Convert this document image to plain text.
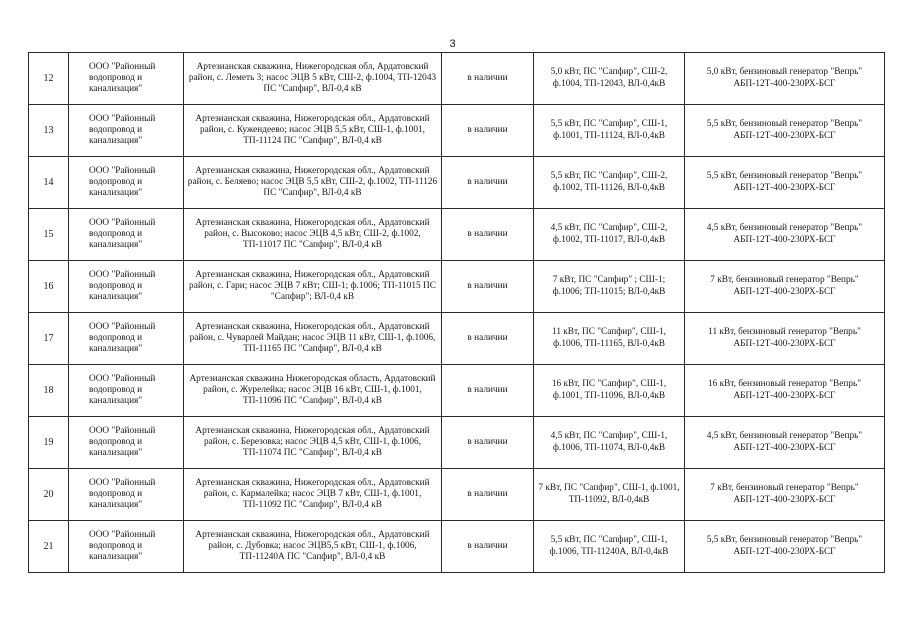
3
12	ООО "Районный водопровод и канализация"	Артезианская скважина, Нижегородская обл, Ардатовский район, с. Леметь 3; насос ЭЦВ 5 кВт, СШ-2, ф.1004, ТП-12043 ПС "Сапфир", ВЛ-0,4 кВ	в наличии	5,0 кВт, ПС "Сапфир", СШ-2, ф.1004, ТП-12043, ВЛ-0,4кВ	5,0 кВт, бензиновый генератор "Вепрь" АБП-12Т-400-230РХ-БСГ
13	ООО "Районный водопровод и канализация"	Артезианская скважина, Нижегородская обл., Ардатовский район, с. Кужендеево; насос ЭЦВ 5,5 кВт, СШ-1, ф.1001, ТП-11124 ПС "Сапфир", ВЛ-0,4 кВ	в наличии	5,5 кВт, ПС "Сапфир", СШ-1, ф.1001, ТП-11124, ВЛ-0,4кВ	5,5 кВт, бензиновый генератор "Вепрь" АБП-12Т-400-230РХ-БСГ
14	ООО "Районный водопровод и канализация"	Артезианская скважина, Нижегородская обл., Ардатовский район, с. Беляево; насос ЭЦВ 5,5 кВт, СШ-2, ф.1002, ТП-11126 ПС "Сапфир", ВЛ-0,4 кВ	в наличии	5,5 кВт, ПС "Сапфир", СШ-2, ф.1002, ТП-11126, ВЛ-0,4кВ	5,5 кВт, бензиновый генератор "Вепрь" АБП-12Т-400-230РХ-БСГ
15	ООО "Районный водопровод и канализация"	Артезианская скважина, Нижегородская обл., Ардатовский район, с. Высоково; насос ЭЦВ 4,5 кВт, СШ-2, ф.1002, ТП-11017 ПС "Сапфир", ВЛ-0,4 кВ	в наличии	4,5 кВт, ПС "Сапфир", СШ-2, ф.1002, ТП-11017, ВЛ-0,4кВ	4,5 кВт, бензиновый генератор "Вепрь" АБП-12Т-400-230РХ-БСГ
16	ООО "Районный водопровод и канализация"	Артезианская скважина, Нижегородская обл., Ардатовский район, с. Гари; насос ЭЦВ 7 кВт; СШ-1; ф.1006; ТП-11015 ПС "Сапфир"; ВЛ-0,4 кВ	в наличии	7 кВт, ПС "Сапфир" ; СШ-1; ф.1006; ТП-11015; ВЛ-0,4кВ	7 кВт, бензиновый генератор "Вепрь" АБП-12Т-400-230РХ-БСГ
17	ООО "Районный водопровод и канализация"	Артезианская скважина, Нижегородская обл., Ардатовский район, с. Чуварлей Майдан; насос ЭЦВ 11 кВт, СШ-1, ф.1006, ТП-11165 ПС "Сапфир", ВЛ-0,4 кВ	в наличии	11 кВт, ПС "Сапфир", СШ-1, ф.1006, ТП-11165, ВЛ-0,4кВ	11 кВт, бензиновый генератор "Вепрь" АБП-12Т-400-230РХ-БСГ
18	ООО "Районный водопровод и канализация"	Артезианская скважина Нижегородская область, Ардатовский район, с. Журелейка; насос ЭЦВ 16 кВт, СШ-1, ф.1001, ТП-11096 ПС "Сапфир", ВЛ-0,4 кВ	в наличии	16 кВт, ПС "Сапфир", СШ-1, ф.1001, ТП-11096, ВЛ-0,4кВ	16 кВт, бензиновый генератор "Вепрь" АБП-12Т-400-230РХ-БСГ
19	ООО "Районный водопровод и канализация"	Артезианская скважина, Нижегородская обл., Ардатовский район, с. Березовка; насос ЭЦВ 4,5 кВт, СШ-1, ф.1006, ТП-11074 ПС "Сапфир", ВЛ-0,4 кВ	в наличии	4,5 кВт, ПС "Сапфир", СШ-1, ф.1006, ТП-11074, ВЛ-0,4кВ	4,5 кВт, бензиновый генератор "Вепрь" АБП-12Т-400-230РХ-БСГ
20	ООО "Районный водопровод и канализация"	Артезианская скважина, Нижегородская обл., Ардатовский район, с. Кармалейка; насос ЭЦВ 7 кВт, СШ-1, ф.1001, ТП-11092 ПС "Сапфир", ВЛ-0,4 кВ	в наличии	7 кВт, ПС "Сапфир", СШ-1, ф.1001, ТП-11092, ВЛ-0,4кВ	7 кВт, бензиновый генератор "Вепрь" АБП-12Т-400-230РХ-БСГ
21	ООО "Районный водопровод и канализация"	Артезианская скважина, Нижегородская обл., Ардатовский район, с. Дубовка; насос ЭЦВ5,5 кВт, СШ-1, ф.1006, ТП-11240А ПС "Сапфир", ВЛ-0,4 кВ	в наличии	5,5 кВт, ПС "Сапфир", СШ-1, ф.1006, ТП-11240А, ВЛ-0,4кВ	5,5 кВт, бензиновый генератор "Вепрь" АБП-12Т-400-230РХ-БСГ
